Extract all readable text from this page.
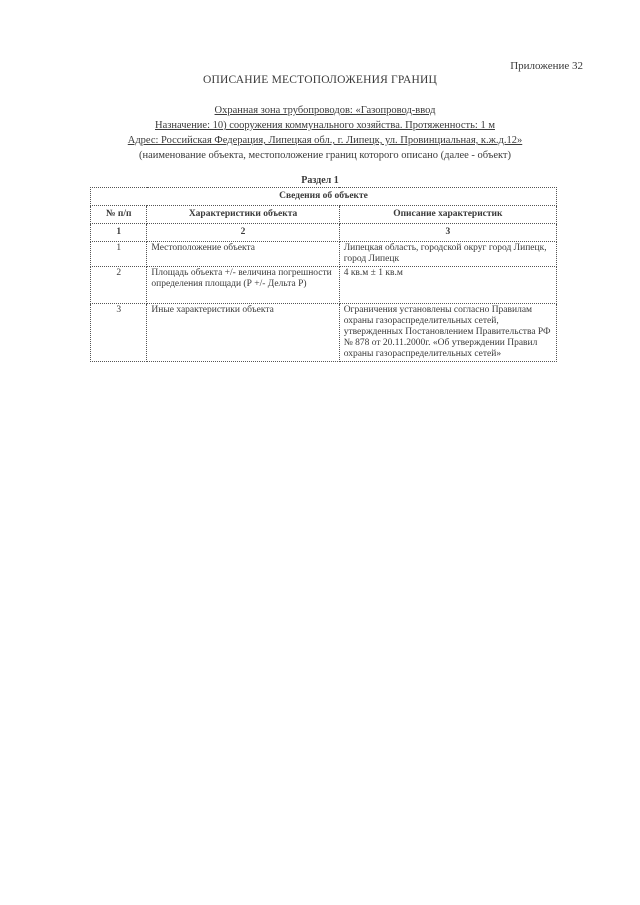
Приложение 32
ОПИСАНИЕ МЕСТОПОЛОЖЕНИЯ ГРАНИЦ
Охранная зона трубопроводов: «Газопровод-ввод
Назначение: 10) сооружения коммунального хозяйства. Протяженность: 1 м
Адрес: Российская Федерация, Липецкая обл., г. Липецк, ул. Провинциальная, к.ж.д.12»
(наименование объекта, местоположение границ которого описано (далее - объект)
Раздел 1
Сведения об объекте		
№ п/п	Характеристики объекта	Описание характеристик
1	2	3
1	Местоположение объекта	Липецкая область, городской округ город Липецк, город Липецк
2	Площадь объекта +/- величина погрешности определения площади (Р +/- Дельта Р)	4 кв.м ± 1 кв.м
3	Иные характеристики объекта	Ограничения установлены согласно Правилам охраны газораспределительных сетей, утвержденных Постановлением Правительства РФ № 878 от 20.11.2000г. «Об утверждении Правил охраны газораспределительных сетей»
